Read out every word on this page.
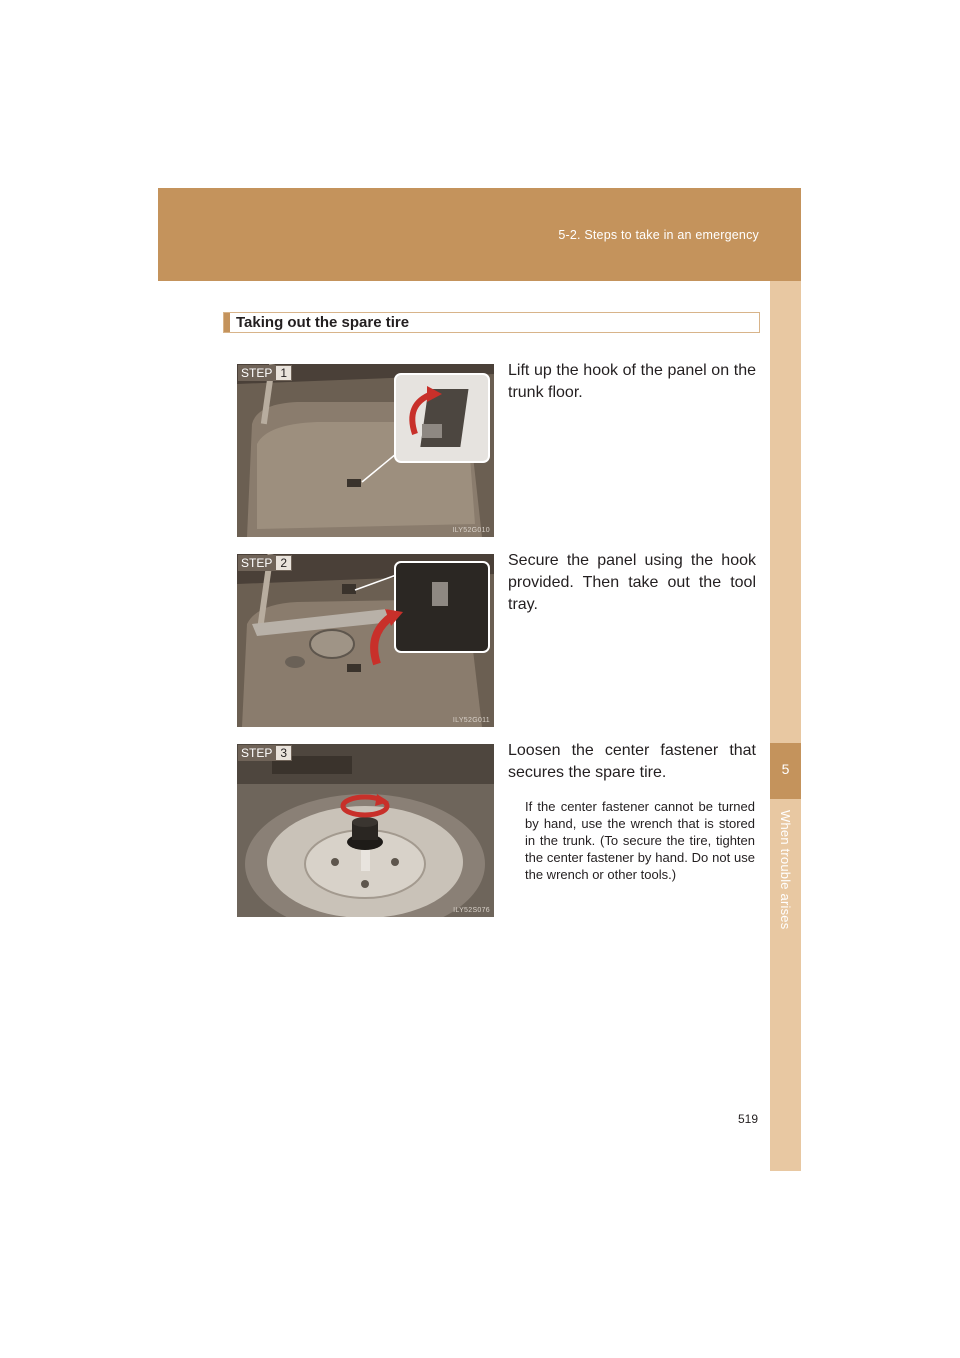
5-2. Steps to take in an emergency
5
When trouble arises
Taking out the spare tire
STEP 1
ILY52G010
Lift up the hook of the panel on the trunk floor.
STEP 2
ILY52G011
Secure the panel using the hook provided. Then take out the tool tray.
STEP 3
ILY52S076
Loosen the center fastener that secures the spare tire.
If the center fastener cannot be turned by hand, use the wrench that is stored in the trunk. (To secure the tire, tighten the center fastener by hand. Do not use the wrench or other tools.)
519
